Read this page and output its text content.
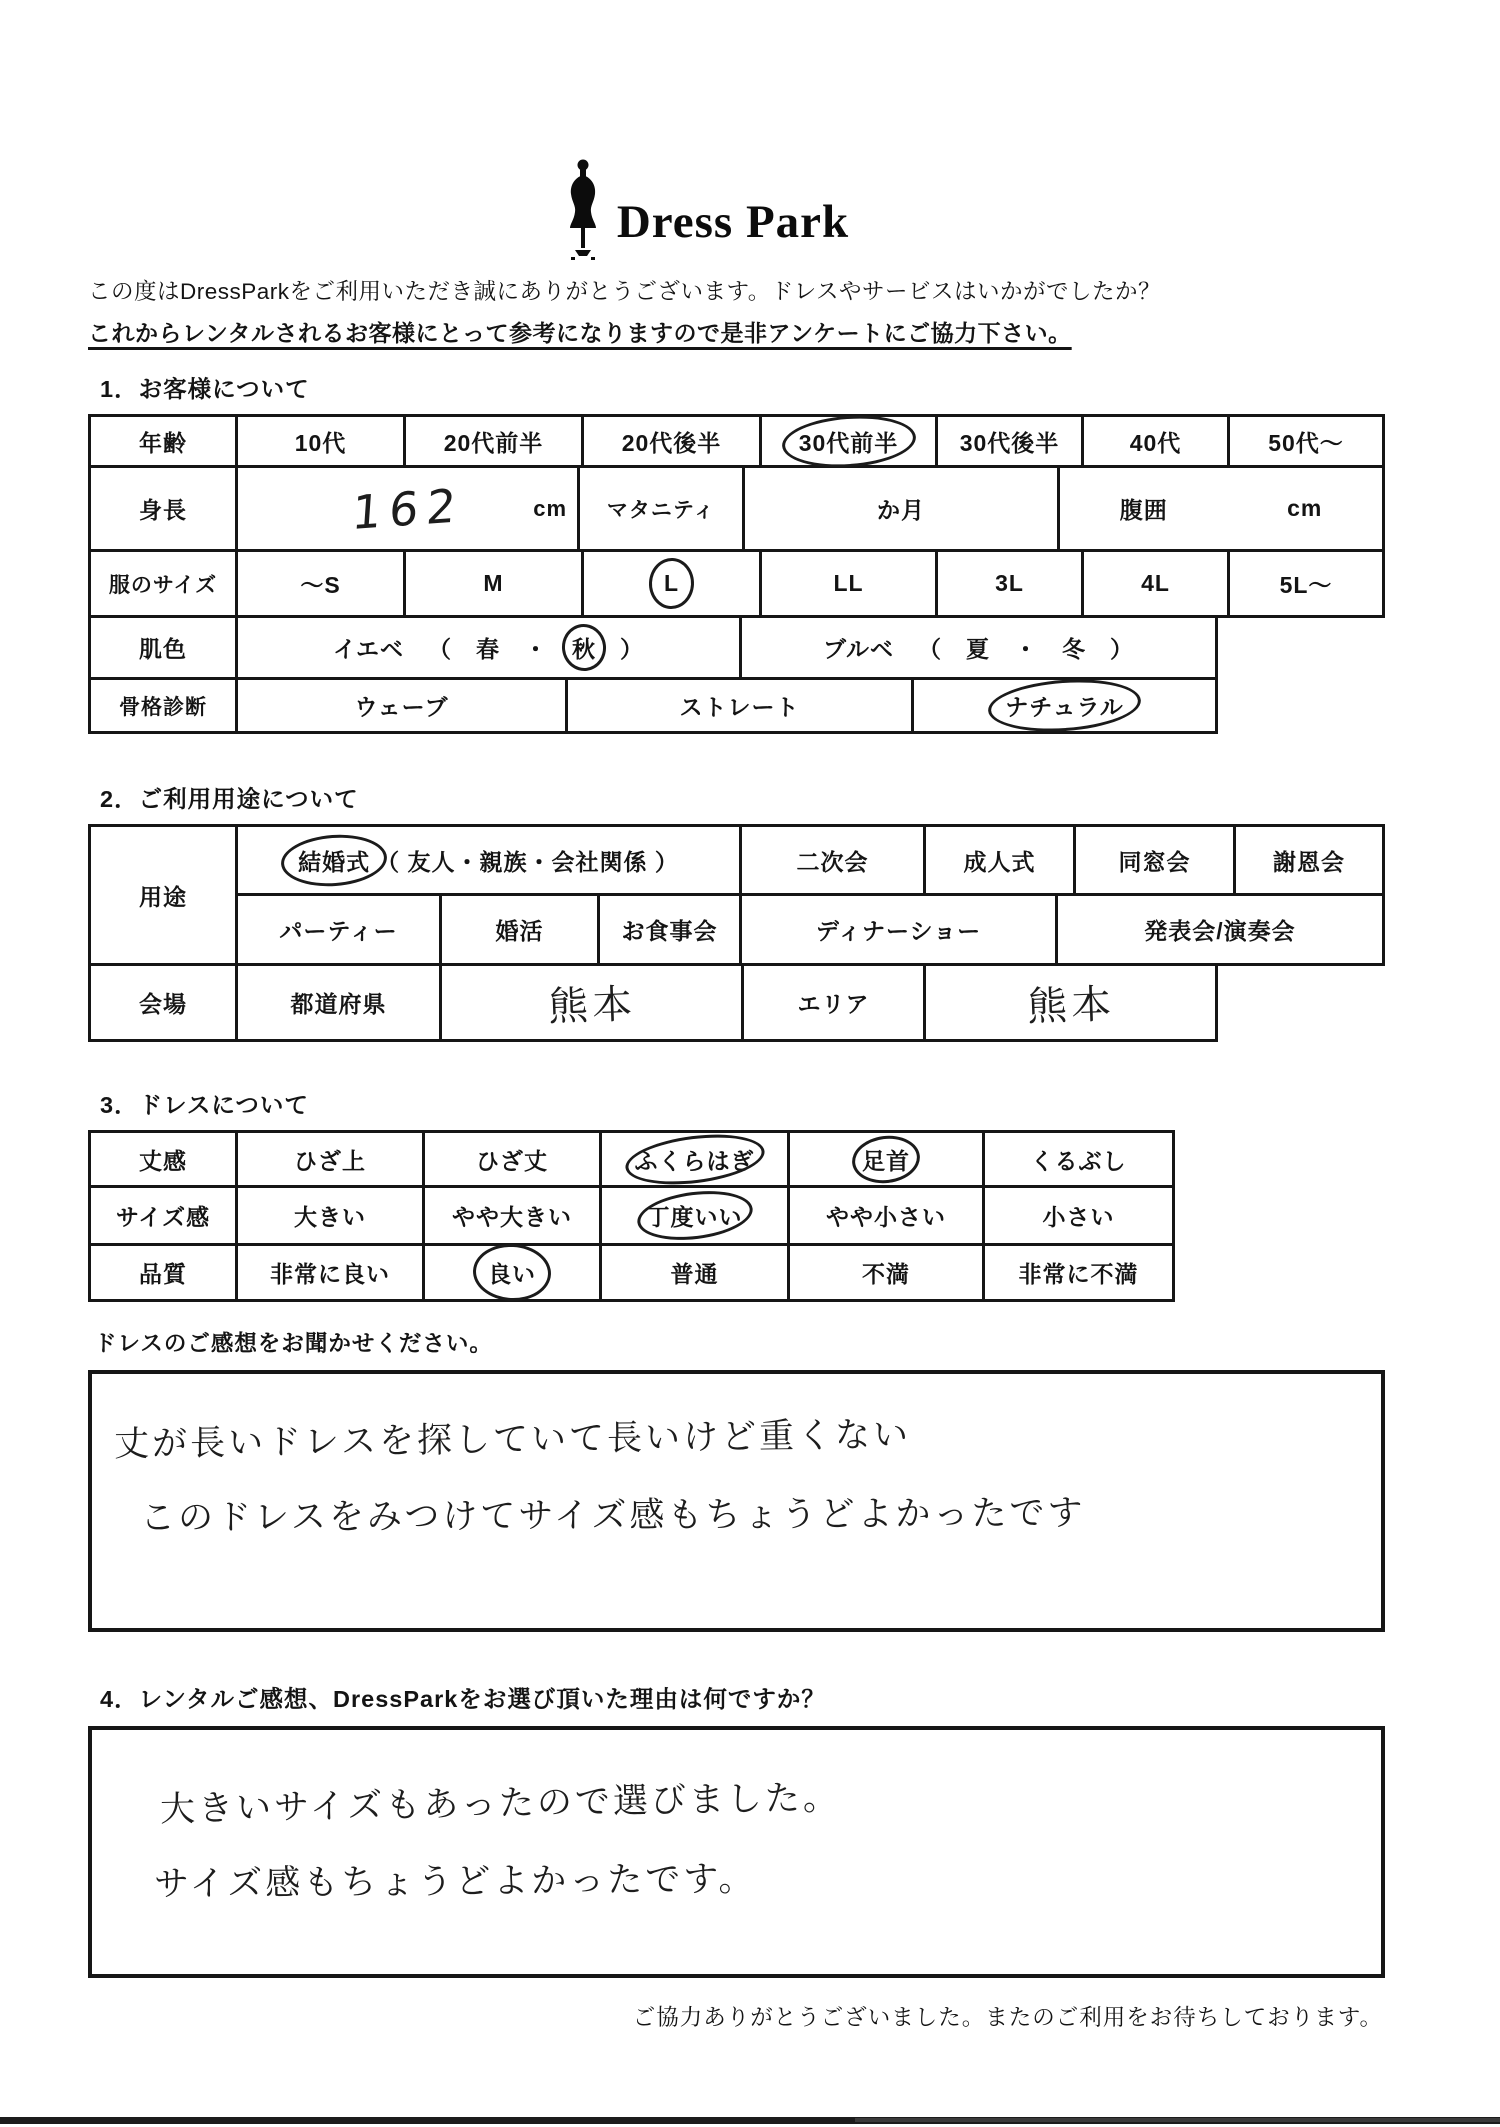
Dress Park
この度はDressParkをご利用いただき誠にありがとうございます。ドレスやサービスはいかがでしたか？
これからレンタルされるお客様にとって参考になりますので是非アンケートにご協力下さい。
1．お客様について
年齢	10代	20代前半	20代後半	30代前半	30代後半	40代	50代～
身長	162	cm マタニティ	か月	腹囲	cm
服のサイズ	～S	M	L	LL	3L	4L	5L～
肌色	イエベ （ 春 ・ 秋 ）	ブルベ （ 夏 ・ 冬 ）
骨格診断	ウェーブ	ストレート	ナチュラル
2．ご利用用途について
用途
結婚式 （ 友人・親族・会社関係 ）	二次会	成人式	同窓会	謝恩会
パーティー	婚活	お食事会	ディナーショー	発表会/演奏会
会場	都道府県	熊本	エリア	熊本
3．ドレスについて
丈感	ひざ上	ひざ丈	ふくらはぎ	足首	くるぶし
サイズ感	大きい	やや大きい	丁度いい	やや小さい	小さい
品質	非常に良い	良い	普通	不満	非常に不満
ドレスのご感想をお聞かせください。
丈が長いドレスを探していて長いけど重くない
このドレスをみつけてサイズ感もちょうどよかったです
4．レンタルご感想、DressParkをお選び頂いた理由は何ですか？
大きいサイズもあったので選びました。
サイズ感もちょうどよかったです。
ご協力ありがとうございました。またのご利用をお待ちしております。
